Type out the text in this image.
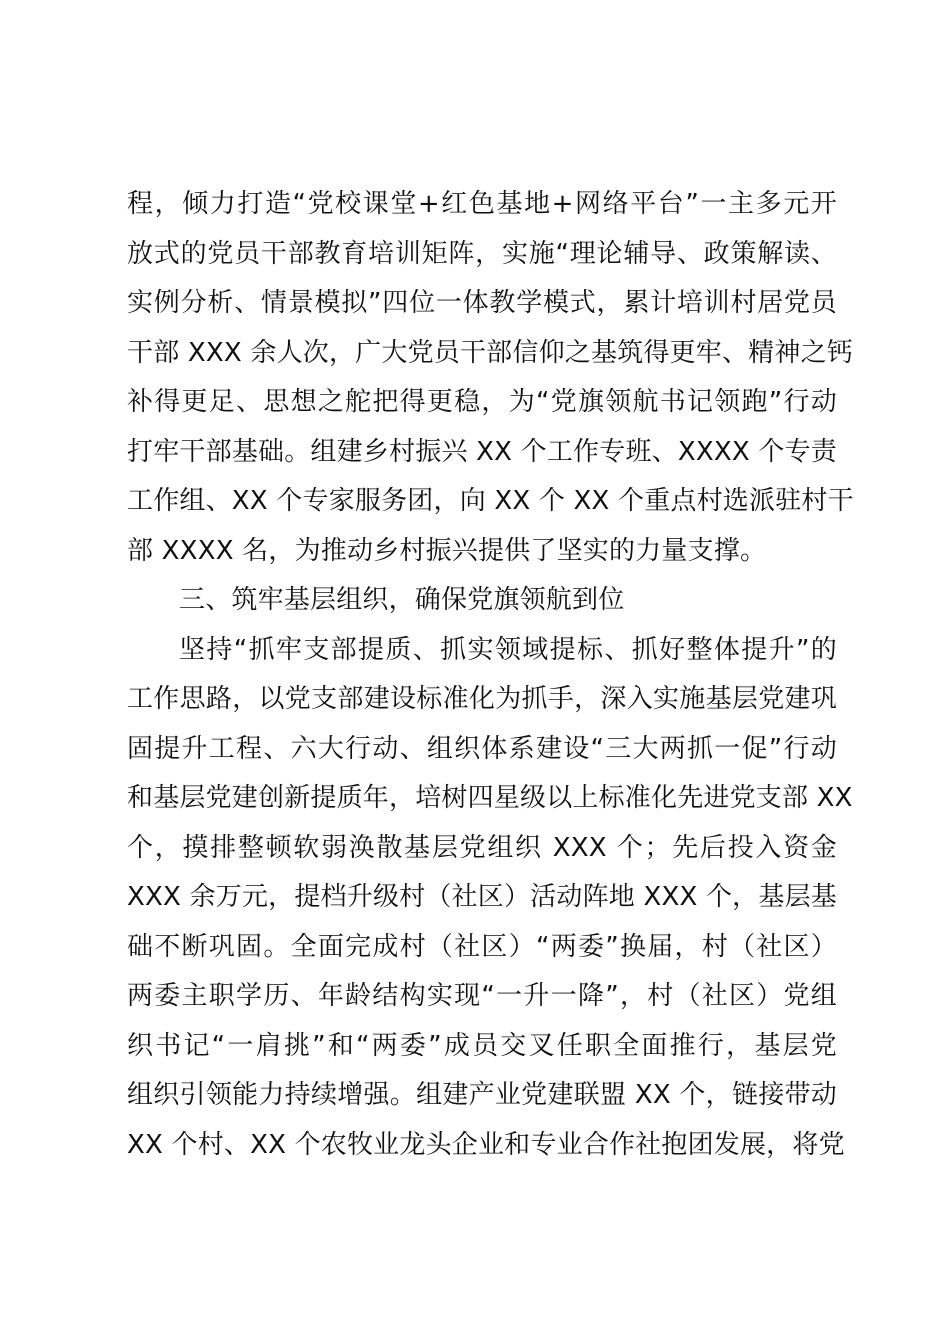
程，倾力打造“党校课堂+红色基地+网络平台”一主多元开
放式的党员干部教育培训矩阵，实施“理论辅导、政策解读、
实例分析、情景模拟”四位一体教学模式，累计培训村居党员
干部 XXX 余人次，广大党员干部信仰之基筑得更牢、精神之钙
补得更足、思想之舵把得更稳，为“党旗领航书记领跑”行动
打牢干部基础。组建乡村振兴 XX 个工作专班、XXXX 个专责
工作组、XX 个专家服务团，向 XX 个 XX 个重点村选派驻村干
部 XXXX 名，为推动乡村振兴提供了坚实的力量支撑。
三、筑牢基层组织，确保党旗领航到位
坚持“抓牢支部提质、抓实领域提标、抓好整体提升”的
工作思路，以党支部建设标准化为抓手，深入实施基层党建巩
固提升工程、六大行动、组织体系建设“三大两抓一促”行动
和基层党建创新提质年，培树四星级以上标准化先进党支部 XX
个，摸排整顿软弱涣散基层党组织 XXX 个；先后投入资金
XXX 余万元，提档升级村（社区）活动阵地 XXX 个，基层基
础不断巩固。全面完成村（社区）“两委”换届，村（社区）
两委主职学历、年龄结构实现“一升一降”，村（社区）党组
织书记“一肩挑”和“两委”成员交叉任职全面推行，基层党
组织引领能力持续增强。组建产业党建联盟 XX 个，链接带动
XX 个村、XX 个农牧业龙头企业和专业合作社抱团发展，将党
